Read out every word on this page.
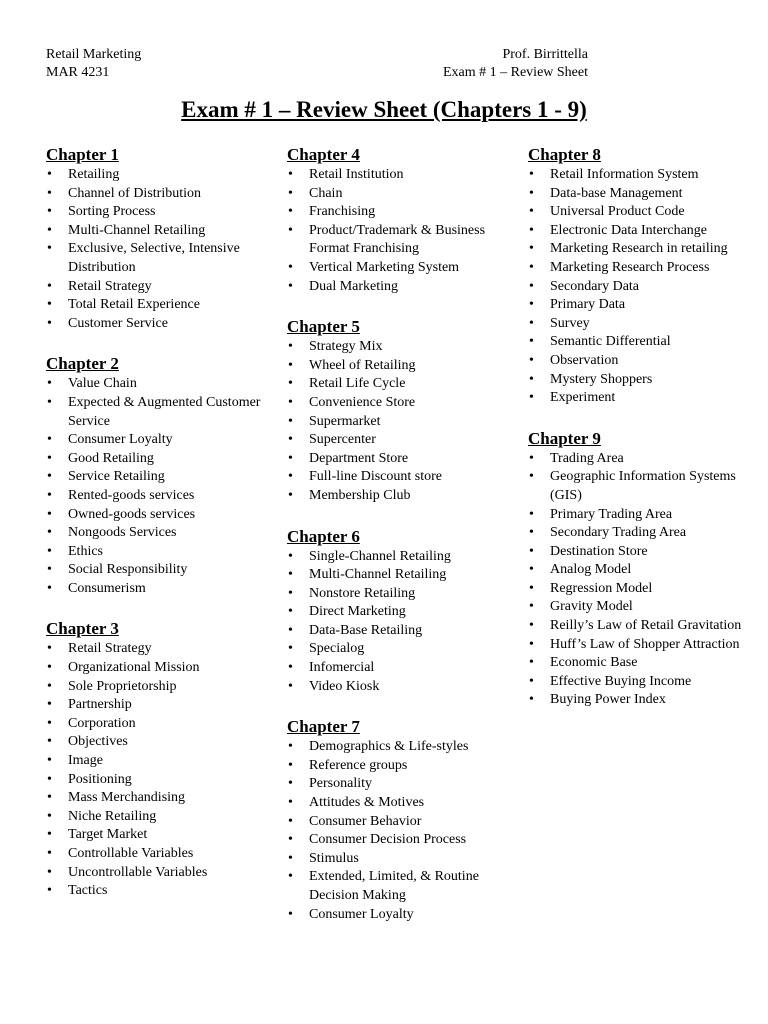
Retail Marketing
MAR 4231
Prof. Birrittella
Exam # 1 – Review Sheet
Exam # 1 – Review Sheet (Chapters 1 - 9)
Chapter 1
• Retailing
• Channel of Distribution
• Sorting Process
• Multi-Channel Retailing
• Exclusive, Selective, Intensive Distribution
• Retail Strategy
• Total Retail Experience
• Customer Service
Chapter 2
• Value Chain
• Expected & Augmented Customer Service
• Consumer Loyalty
• Good Retailing
• Service Retailing
• Rented-goods services
• Owned-goods services
• Nongoods Services
• Ethics
• Social Responsibility
• Consumerism
Chapter 3
• Retail Strategy
• Organizational Mission
• Sole Proprietorship
• Partnership
• Corporation
• Objectives
• Image
• Positioning
• Mass Merchandising
• Niche Retailing
• Target Market
• Controllable Variables
• Uncontrollable Variables
• Tactics
Chapter 4
• Retail Institution
• Chain
• Franchising
• Product/Trademark & Business Format Franchising
• Vertical Marketing System
• Dual Marketing
Chapter 5
• Strategy Mix
• Wheel of Retailing
• Retail Life Cycle
• Convenience Store
• Supermarket
• Supercenter
• Department Store
• Full-line Discount store
• Membership Club
Chapter 6
• Single-Channel Retailing
• Multi-Channel Retailing
• Nonstore Retailing
• Direct Marketing
• Data-Base Retailing
• Specialog
• Infomercial
• Video Kiosk
Chapter 7
• Demographics & Life-styles
• Reference groups
• Personality
• Attitudes & Motives
• Consumer Behavior
• Consumer Decision Process
• Stimulus
• Extended, Limited, & Routine Decision Making
• Consumer Loyalty
Chapter 8
• Retail Information System
• Data-base Management
• Universal Product Code
• Electronic Data Interchange
• Marketing Research in retailing
• Marketing Research Process
• Secondary Data
• Primary Data
• Survey
• Semantic Differential
• Observation
• Mystery Shoppers
• Experiment
Chapter 9
• Trading Area
• Geographic Information Systems (GIS)
• Primary Trading Area
• Secondary Trading Area
• Destination Store
• Analog Model
• Regression Model
• Gravity Model
• Reilly’s Law of Retail Gravitation
• Huff’s Law of Shopper Attraction
• Economic Base
• Effective Buying Income
• Buying Power Index
